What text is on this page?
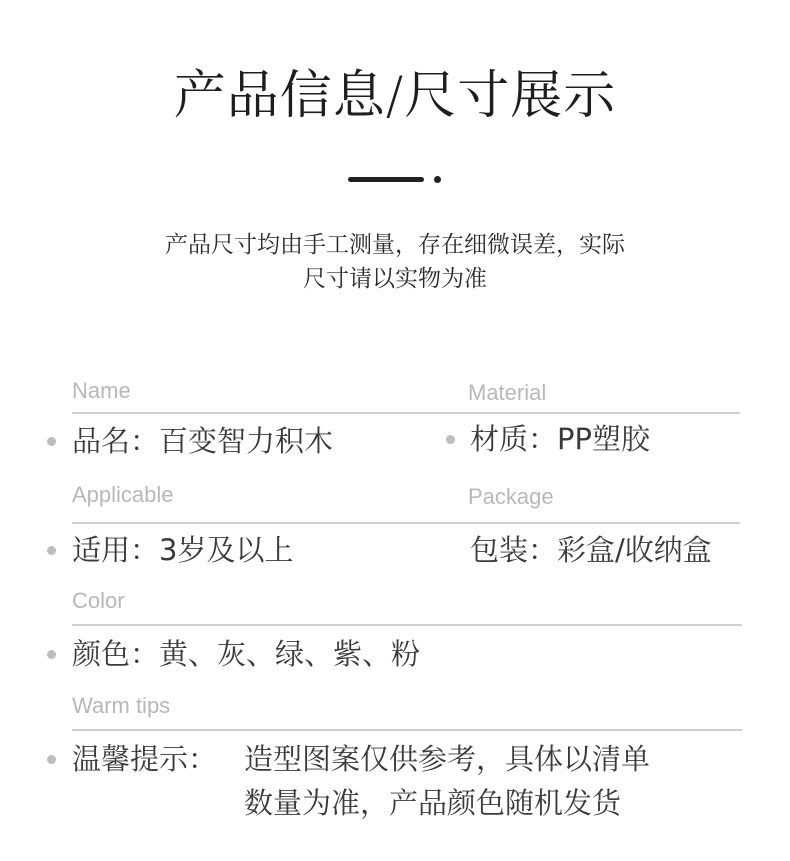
产品信息/尺寸展示
产品尺寸均由手工测量，存在细微误差，实际
尺寸请以实物为准
Name	Material
品名：百变智力积木	材质：PP塑胶
Applicable	Package
适用：3岁及以上	包装：彩盒/收纳盒
Color
颜色：黄、灰、绿、紫、粉
Warm tips
温馨提示： 造型图案仅供参考，具体以清单
数量为准，产品颜色随机发货
